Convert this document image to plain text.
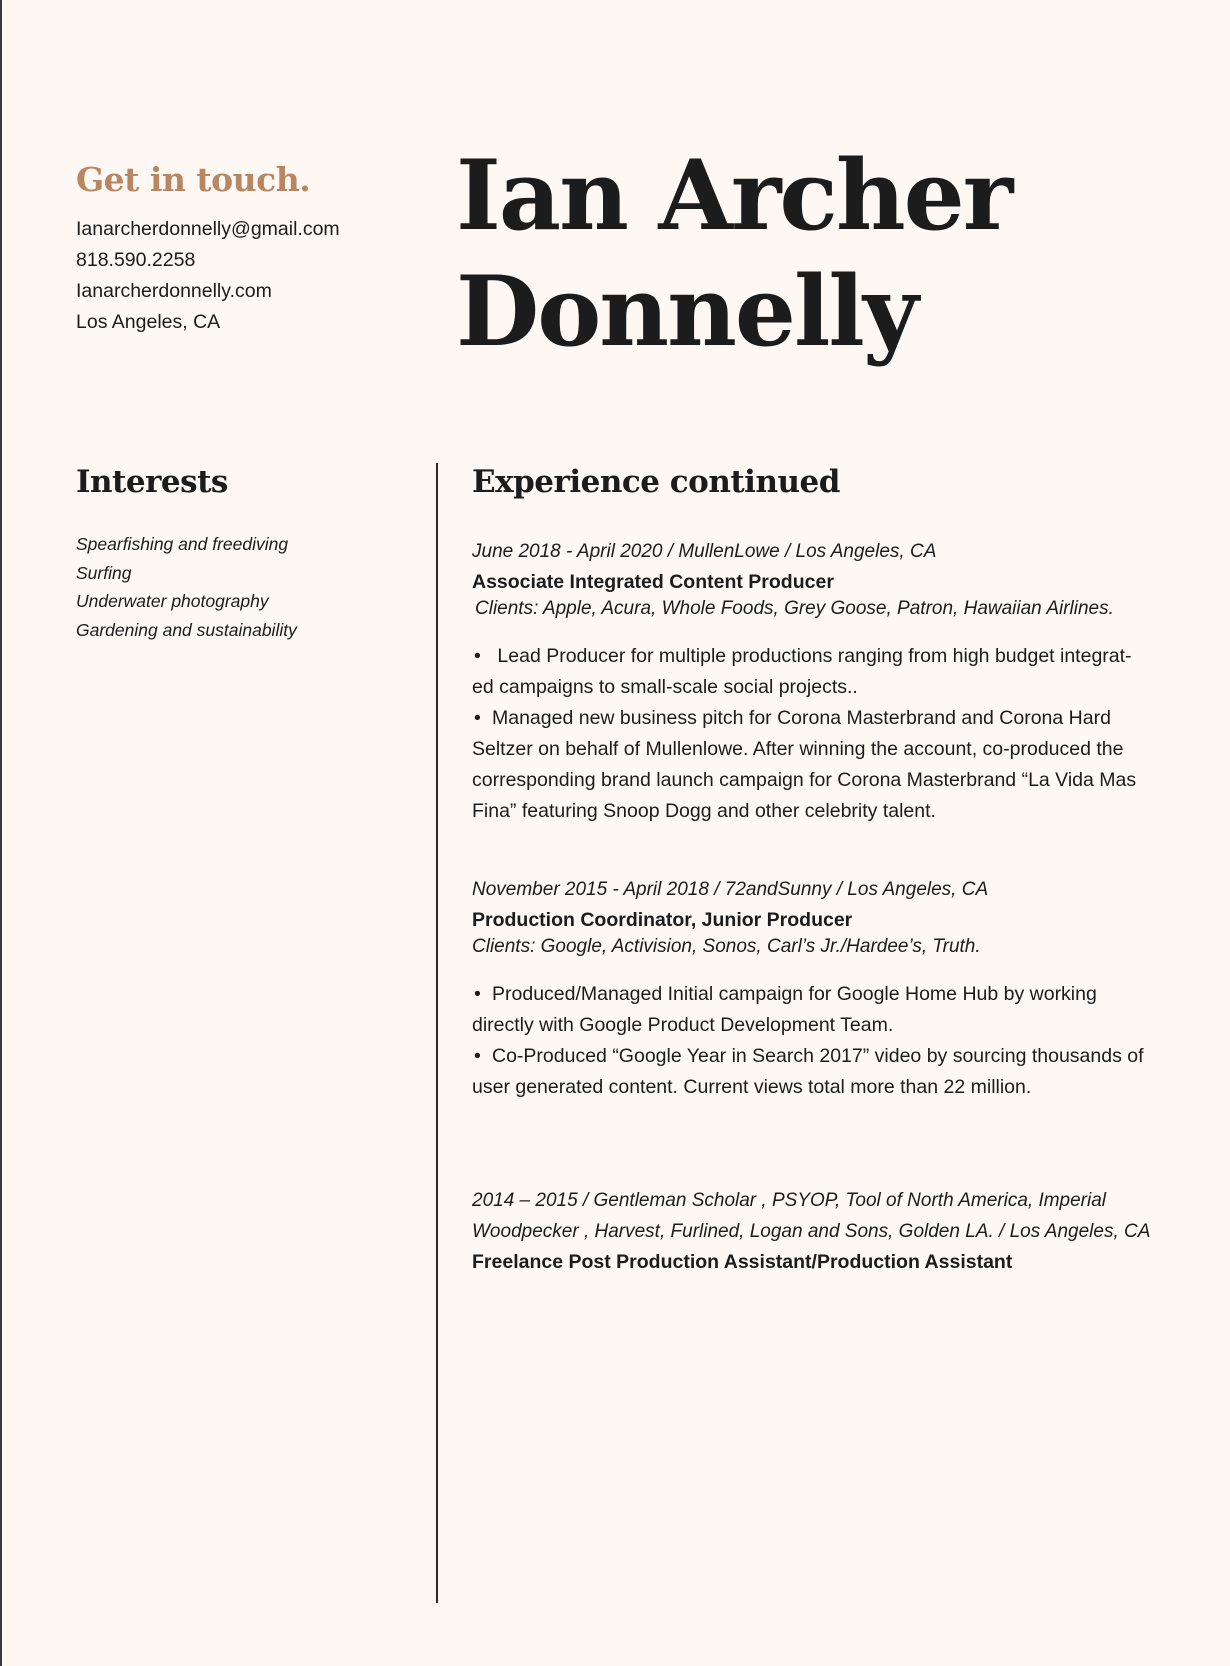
Get in touch.
Ianarcherdonnelly@gmail.com
818.590.2258
Ianarcherdonnelly.com
Los Angeles, CA
Ian Archer
Donnelly
Interests
Spearfishing and freediving
Surfing
Underwater photography
Gardening and sustainability
Experience continued

June 2018 - April 2020 / MullenLowe / Los Angeles, CA

Associate Integrated Content Producer

Clients: Apple, Acura, Whole Foods, Grey Goose, Patron, Hawaiian Airlines.

• Lead Producer for multiple productions ranging from high budget integrat-ed campaigns to small-scale social projects..
• Managed new business pitch for Corona Masterbrand and Corona Hard Seltzer on behalf of Mullenlowe. After winning the account, co-produced the corresponding brand launch campaign for Corona Masterbrand “La Vida Mas Fina” featuring Snoop Dogg and other celebrity talent.

November 2015 - April 2018 / 72andSunny / Los Angeles, CA

Production Coordinator, Junior Producer

Clients: Google, Activision, Sonos, Carl’s Jr./Hardee’s, Truth.

• Produced/Managed Initial campaign for Google Home Hub by working directly with Google Product Development Team.
• Co-Produced “Google Year in Search 2017” video by sourcing thousands of user generated content. Current views total more than 22 million.

2014 – 2015 / Gentleman Scholar , PSYOP, Tool of North America, Imperial Woodpecker , Harvest, Furlined, Logan and Sons, Golden LA. / Los Angeles, CA

Freelance Post Production Assistant/Production Assistant
